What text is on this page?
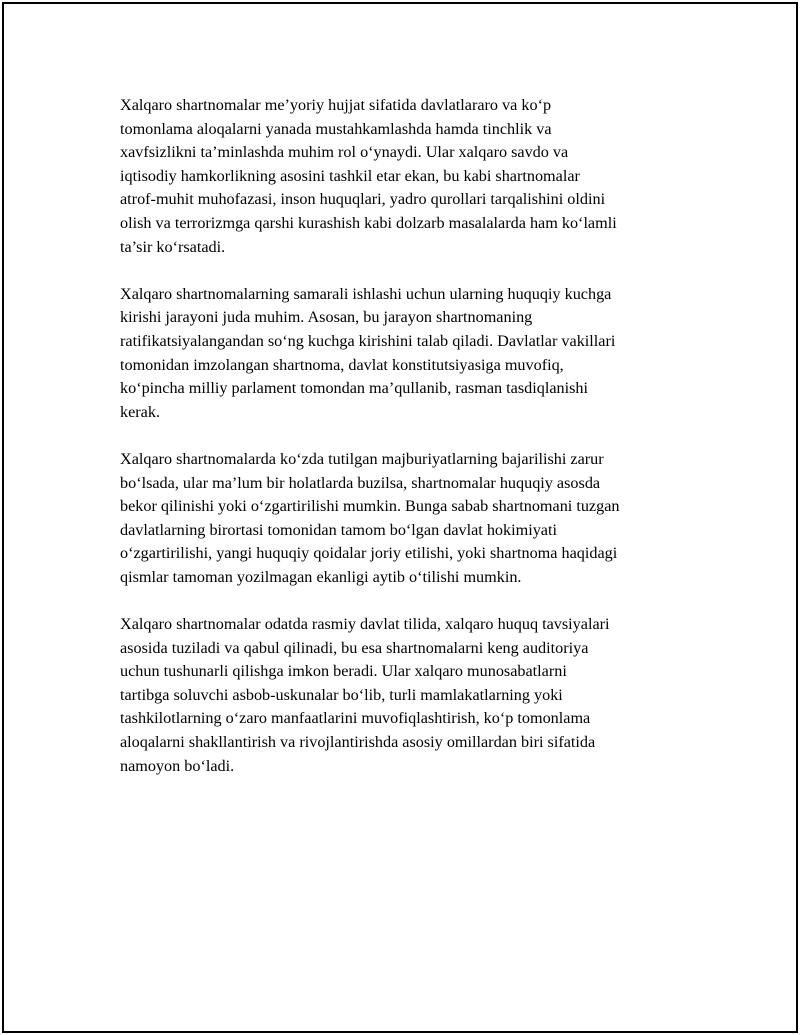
Xalqaro shartnomalar me’yoriy hujjat sifatida davlatlararo va ko‘p
tomonlama aloqalarni yanada mustahkamlashda hamda tinchlik va
xavfsizlikni ta’minlashda muhim rol o‘ynaydi. Ular xalqaro savdo va
iqtisodiy hamkorlikning asosini tashkil etar ekan, bu kabi shartnomalar
atrof-muhit muhofazasi, inson huquqlari, yadro qurollari tarqalishini oldini
olish va terrorizmga qarshi kurashish kabi dolzarb masalalarda ham ko‘lamli
ta’sir ko‘rsatadi.

Xalqaro shartnomalarning samarali ishlashi uchun ularning huquqiy kuchga
kirishi jarayoni juda muhim. Asosan, bu jarayon shartnomaning
ratifikatsiyalangandan so‘ng kuchga kirishini talab qiladi. Davlatlar vakillari
tomonidan imzolangan shartnoma, davlat konstitutsiyasiga muvofiq,
ko‘pincha milliy parlament tomondan ma’qullanib, rasman tasdiqlanishi
kerak.

Xalqaro shartnomalarda ko‘zda tutilgan majburiyatlarning bajarilishi zarur
bo‘lsada, ular ma’lum bir holatlarda buzilsa, shartnomalar huquqiy asosda
bekor qilinishi yoki o‘zgartirilishi mumkin. Bunga sabab shartnomani tuzgan
davlatlarning birortasi tomonidan tamom bo‘lgan davlat hokimiyati
o‘zgartirilishi, yangi huquqiy qoidalar joriy etilishi, yoki shartnoma haqidagi
qismlar tamoman yozilmagan ekanligi aytib o‘tilishi mumkin.

Xalqaro shartnomalar odatda rasmiy davlat tilida, xalqaro huquq tavsiyalari
asosida tuziladi va qabul qilinadi, bu esa shartnomalarni keng auditoriya
uchun tushunarli qilishga imkon beradi. Ular xalqaro munosabatlarni
tartibga soluvchi asbob-uskunalar bo‘lib, turli mamlakatlarning yoki
tashkilotlarning o‘zaro manfaatlarini muvofiqlashtirish, ko‘p tomonlama
aloqalarni shakllantirish va rivojlantirishda asosiy omillardan biri sifatida
namoyon bo‘ladi.
